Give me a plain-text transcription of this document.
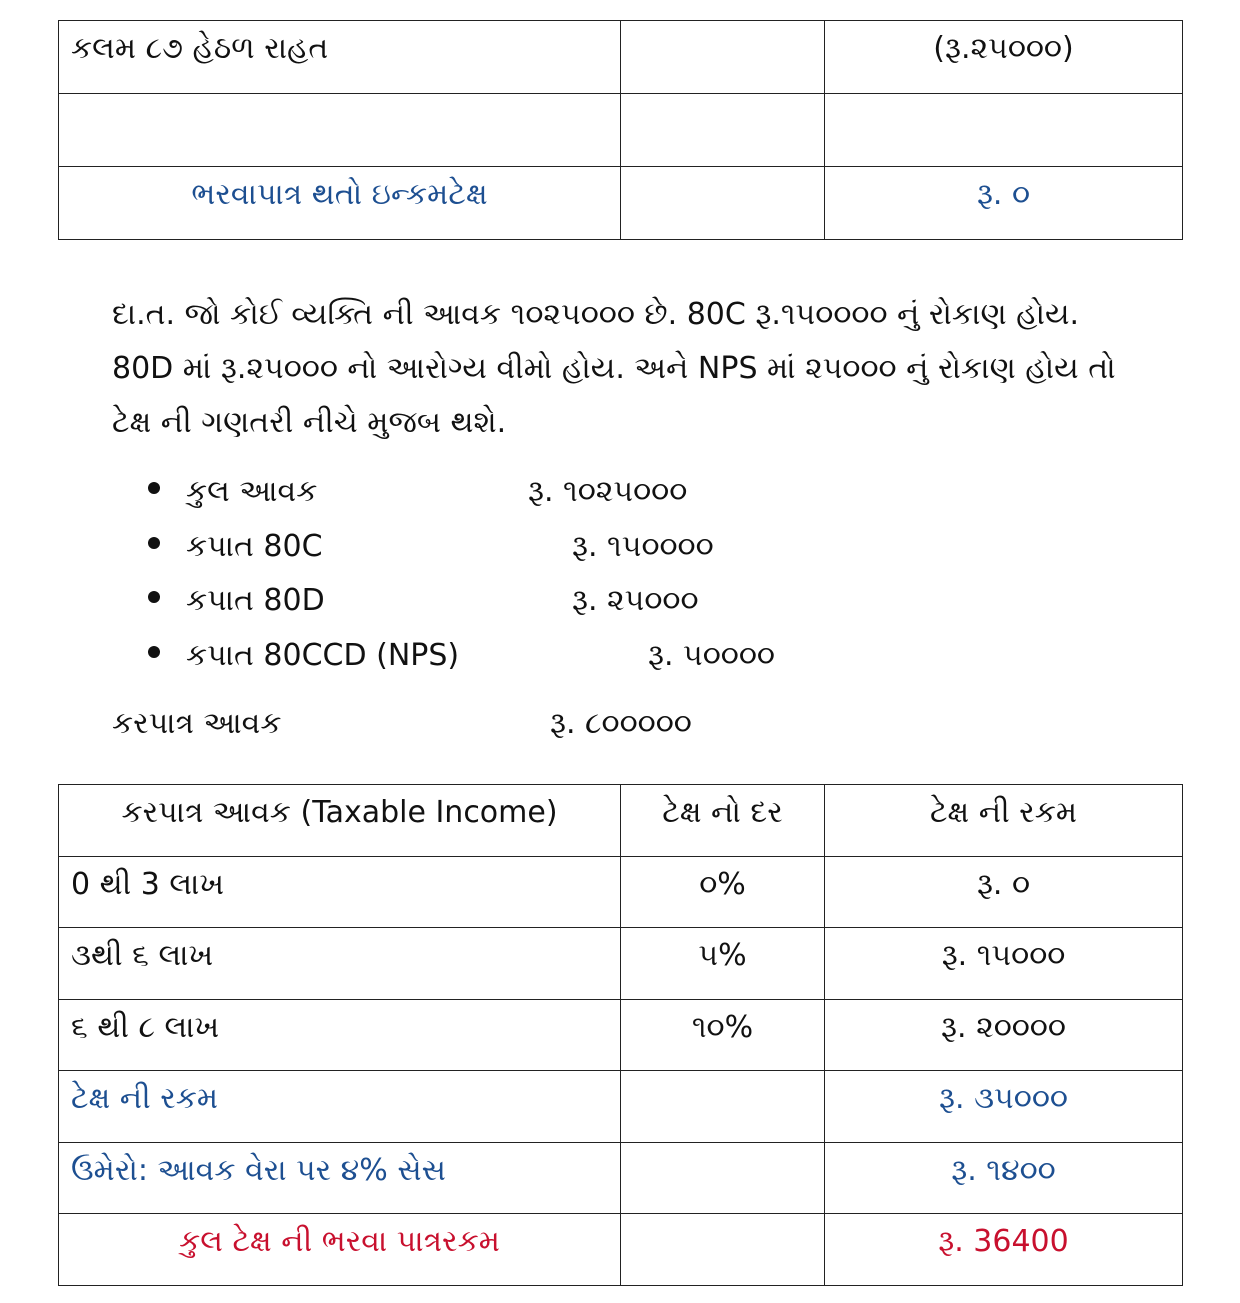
કલમ ૮૭ હેઠળ રાહત		(રૂ.૨૫૦૦૦)

ભરવાપાત્ર થતો ઇન્કમટેક્ષ		રૂ. ૦

દા.ત. જો કોઈ વ્યક્તિ ની આવક ૧૦૨૫૦૦૦ છે. 80C રૂ.૧૫૦૦૦૦ નું રોકાણ હોય. 80D માં રૂ.૨૫૦૦૦ નો આરોગ્ય વીમો હોય. અને NPS માં ૨૫૦૦૦ નું રોકાણ હોય તો ટેક્ષ ની ગણતરી નીચે મુજબ થશે.

કુલ આવક	રૂ. ૧૦૨૫૦૦૦
કપાત 80C	રૂ. ૧૫૦૦૦૦
કપાત 80D	રૂ. ૨૫૦૦૦
કપાત 80CCD (NPS)	રૂ. ૫૦૦૦૦
કરપાત્ર આવક	રૂ. ૮૦૦૦૦૦
કરપાત્ર આવક (Taxable Income)	ટેક્ષ નો દર	ટેક્ષ ની રકમ
0 થી 3 લાખ	૦%	રૂ. ૦
૩થી ૬ લાખ	૫%	રૂ. ૧૫૦૦૦
૬ થી ૮ લાખ	૧૦%	રૂ. ૨૦૦૦૦
ટેક્ષ ની રકમ		રૂ. ૩૫૦૦૦
ઉમેરો: આવક વેરા પર ૪% સેસ		રૂ. ૧૪૦૦
કુલ ટેક્ષ ની ભરવા પાત્રરકમ		રૂ. 36400
